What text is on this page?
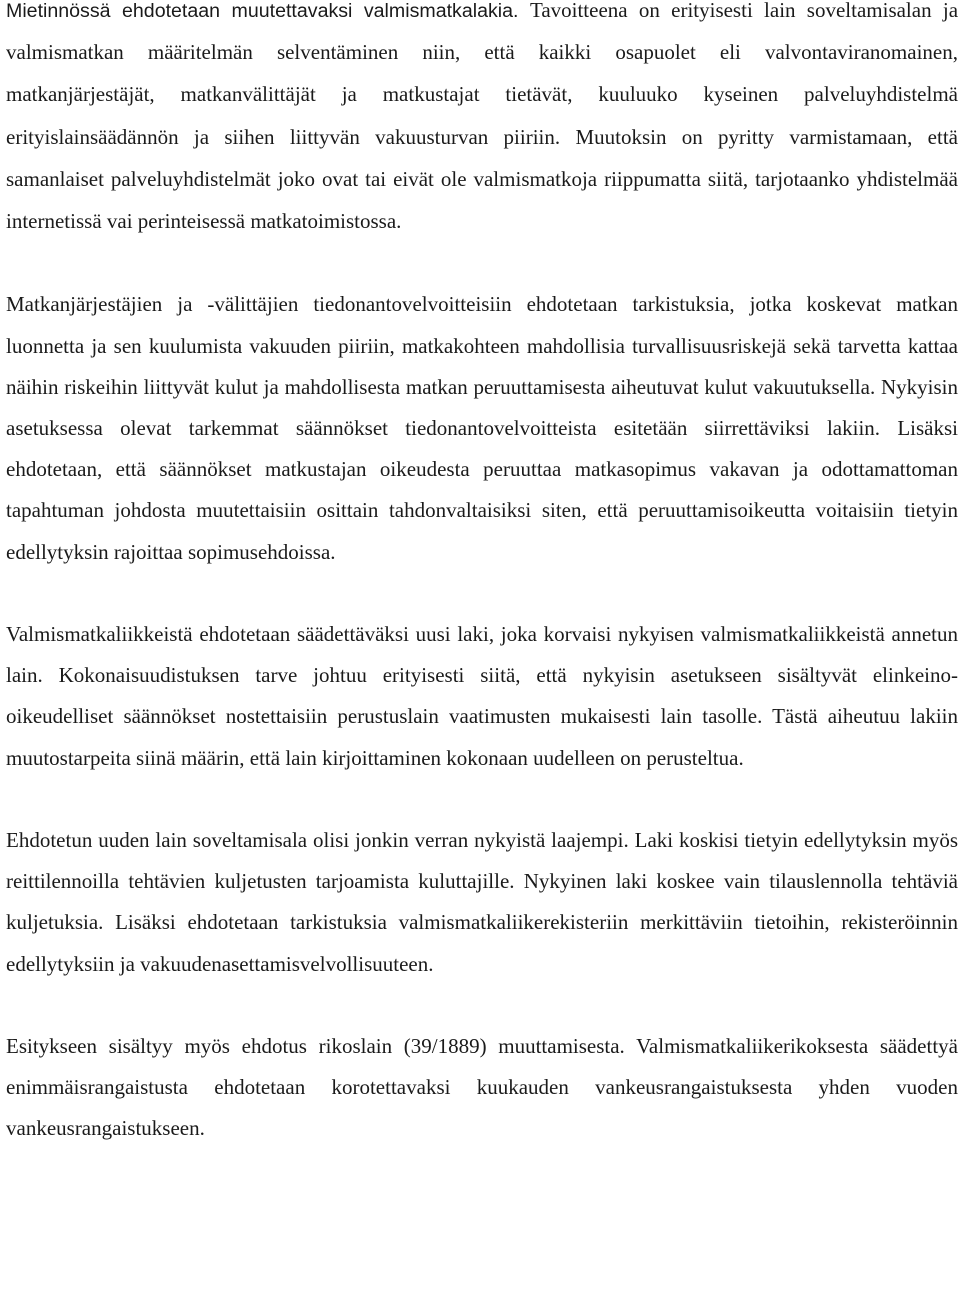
Mietinnössä ehdotetaan muutettavaksi valmismatkalakia. Tavoitteena on erityisesti lain soveltamisalan ja valmismatkan määritelmän selventäminen niin, että kaikki osapuolet eli valvontaviranomainen, matkanjärjestäjät, matkanvälittäjät ja matkustajat tietävät, kuuluuko kyseinen palveluyhdistelmä erityislainsäädännön ja siihen liittyvän vakuusturvan piiriin. Muutoksin on pyritty varmistamaan, että samanlaiset palveluyhdistelmät joko ovat tai eivät ole valmismatkoja riippumatta siitä, tarjotaanko yhdistelmää internetissä vai perinteisessä matkatoimistossa.

Matkanjärjestäjien ja -välittäjien tiedonantovelvoitteisiin ehdotetaan tarkistuksia, jotka koskevat matkan luonnetta ja sen kuulumista vakuuden piiriin, matkakohteen mahdollisia turvallisuusriskejä sekä tarvetta kattaa näihin riskeihin liittyvät kulut ja mahdollisesta matkan peruuttamisesta aiheutuvat kulut vakuutuksella. Nykyisin asetuksessa olevat tarkemmat säännökset tiedonantovelvoitteista esitetään siirrettäviksi lakiin. Lisäksi ehdotetaan, että säännökset matkustajan oikeudesta peruuttaa matkasopimus vakavan ja odottamattoman tapahtuman johdosta muutettaisiin osittain tahdonvaltaisiksi siten, että peruuttamisoikeutta voitaisiin tietyin edellytyksin rajoittaa sopimusehdoissa.

Valmismatkaliikkeistä ehdotetaan säädettäväksi uusi laki, joka korvaisi nykyisen valmismatkaliikkeistä annetun lain. Kokonaisuudistuksen tarve johtuu erityisesti siitä, että nykyisin asetukseen sisältyvät elinkeino-oikeudelliset säännökset nostettaisiin perustuslain vaatimusten mukaisesti lain tasolle. Tästä aiheutuu lakiin muutostarpeita siinä määrin, että lain kirjoittaminen kokonaan uudelleen on perusteltua.

Ehdotetun uuden lain soveltamisala olisi jonkin verran nykyistä laajempi. Laki koskisi tietyin edellytyksin myös reittilennoilla tehtävien kuljetusten tarjoamista kuluttajille. Nykyinen laki koskee vain tilauslennolla tehtäviä kuljetuksia. Lisäksi ehdotetaan tarkistuksia valmismatkaliikerekisteriin merkittäviin tietoihin, rekisteröinnin edellytyksiin ja vakuudenasettamisvelvollisuuteen.

Esitykseen sisältyy myös ehdotus rikoslain (39/1889) muuttamisesta. Valmismatkaliikerikoksesta säädettyä enimmäisrangaistusta ehdotetaan korotettavaksi kuukauden vankeusrangaistuksesta yhden vuoden vankeusrangaistukseen.
